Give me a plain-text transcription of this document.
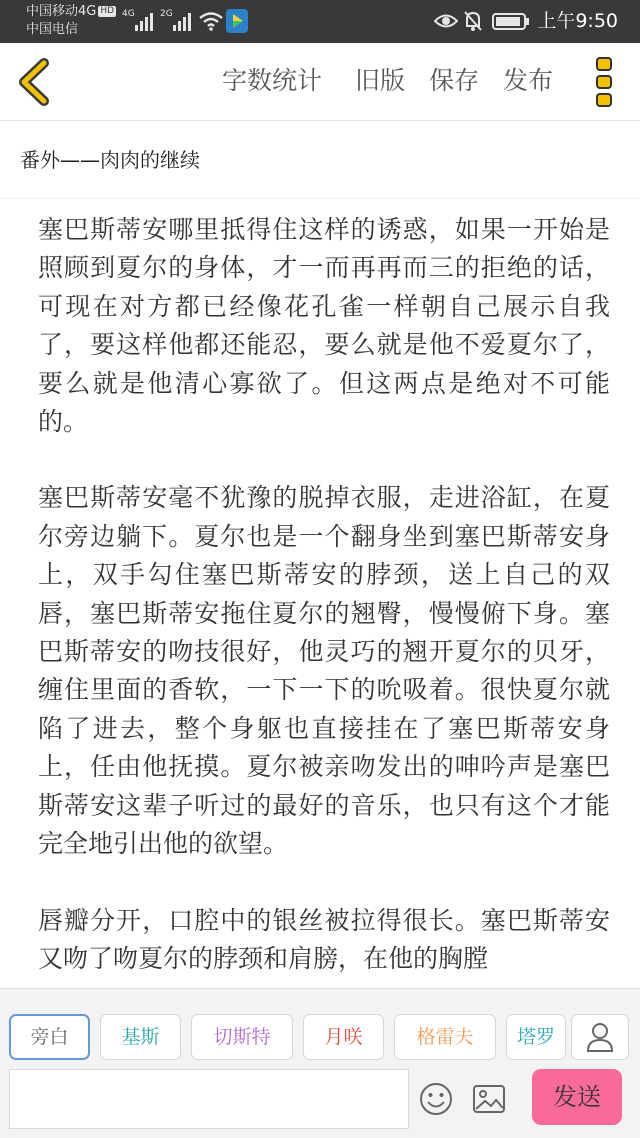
中国移动4G HD
中国电信
4G	2G	上午9:50
字数统计 旧版 保存 发布
番外——肉肉的继续

塞巴斯蒂安哪里抵得住这样的诱惑，如果一开始是照顾到夏尔的身体，才一而再再而三的拒绝的话，可现在对方都已经像花孔雀一样朝自己展示自我了，要这样他都还能忍，要么就是他不爱夏尔了，要么就是他清心寡欲了。但这两点是绝对不可能的。

塞巴斯蒂安毫不犹豫的脱掉衣服，走进浴缸，在夏尔旁边躺下。夏尔也是一个翻身坐到塞巴斯蒂安身上，双手勾住塞巴斯蒂安的脖颈，送上自己的双唇，塞巴斯蒂安拖住夏尔的翘臀，慢慢俯下身。塞巴斯蒂安的吻技很好，他灵巧的翘开夏尔的贝牙，缠住里面的香软，一下一下的吮吸着。很快夏尔就陷了进去，整个身躯也直接挂在了塞巴斯蒂安身上，任由他抚摸。夏尔被亲吻发出的呻吟声是塞巴斯蒂安这辈子听过的最好的音乐，也只有这个才能完全地引出他的欲望。

唇瓣分开，口腔中的银丝被拉得很长。塞巴斯蒂安又吻了吻夏尔的脖颈和肩膀，在他的胸膛

旁白	基斯	切斯特	月咲	格雷夫	塔罗
发送
